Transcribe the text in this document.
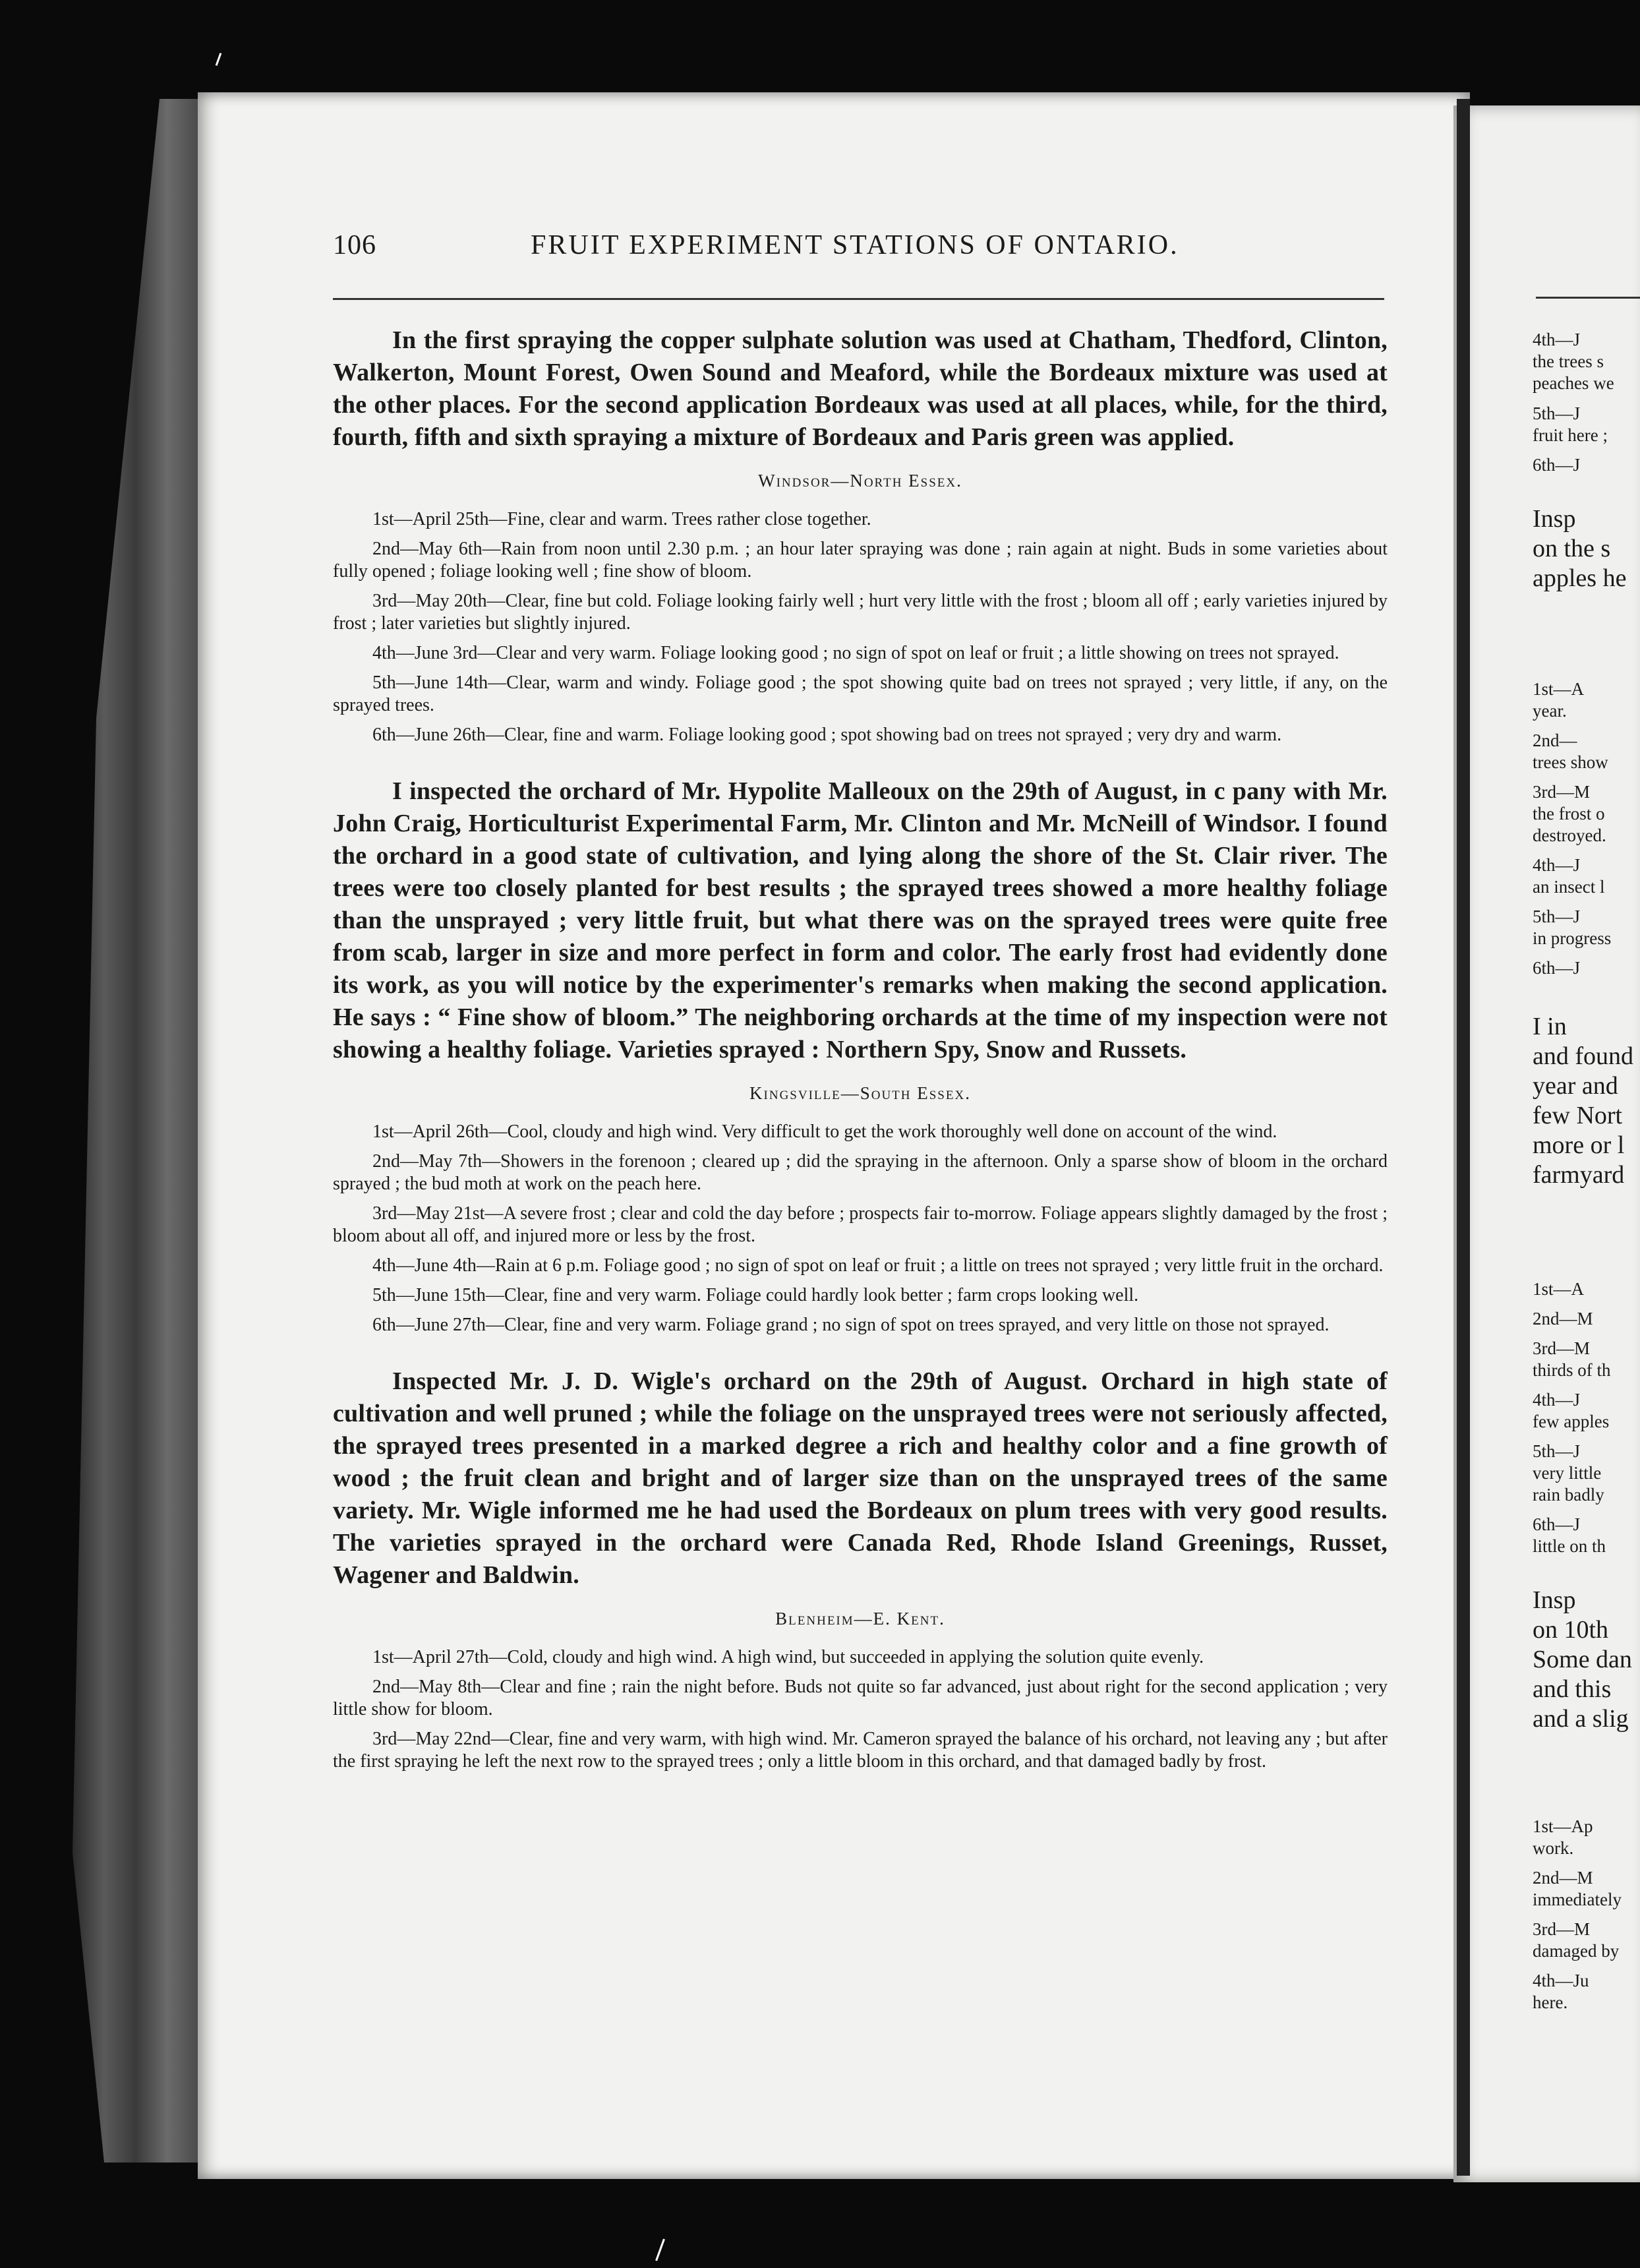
106	FRUIT EXPERIMENT STATIONS OF ONTARIO.

In the first spraying the copper sulphate solution was used at Chatham, Thedford, Clinton, Walkerton, Mount Forest, Owen Sound and Meaford, while the Bordeaux mixture was used at the other places. For the second application Bordeaux was used at all places, while, for the third, fourth, fifth and sixth spraying a mixture of Bordeaux and Paris green was applied.

Windsor—North Essex.

1st—April 25th—Fine, clear and warm. Trees rather close together.

2nd—May 6th—Rain from noon until 2.30 p.m. ; an hour later spraying was done ; rain again at night. Buds in some varieties about fully opened ; foliage looking well ; fine show of bloom.

3rd—May 20th—Clear, fine but cold. Foliage looking fairly well ; hurt very little with the frost ; bloom all off ; early varieties injured by frost ; later varieties but slightly injured.

4th—June 3rd—Clear and very warm. Foliage looking good ; no sign of spot on leaf or fruit ; a little showing on trees not sprayed.

5th—June 14th—Clear, warm and windy. Foliage good ; the spot showing quite bad on trees not sprayed ; very little, if any, on the sprayed trees.

6th—June 26th—Clear, fine and warm. Foliage looking good ; spot showing bad on trees not sprayed ; very dry and warm.

I inspected the orchard of Mr. Hypolite Malleoux on the 29th of August, in c pany with Mr. John Craig, Horticulturist Experimental Farm, Mr. Clinton and Mr. McNeill of Windsor. I found the orchard in a good state of cultivation, and lying along the shore of the St. Clair river. The trees were too closely planted for best results ; the sprayed trees showed a more healthy foliage than the unsprayed ; very little fruit, but what there was on the sprayed trees were quite free from scab, larger in size and more perfect in form and color. The early frost had evidently done its work, as you will notice by the experimenter's remarks when making the second application. He says : “ Fine show of bloom.” The neighboring orchards at the time of my inspection were not showing a healthy foliage. Varieties sprayed : Northern Spy, Snow and Russets.

Kingsville—South Essex.

1st—April 26th—Cool, cloudy and high wind. Very difficult to get the work thoroughly well done on account of the wind.

2nd—May 7th—Showers in the forenoon ; cleared up ; did the spraying in the afternoon. Only a sparse show of bloom in the orchard sprayed ; the bud moth at work on the peach here.

3rd—May 21st—A severe frost ; clear and cold the day before ; prospects fair to-morrow. Foliage appears slightly damaged by the frost ; bloom about all off, and injured more or less by the frost.

4th—June 4th—Rain at 6 p.m. Foliage good ; no sign of spot on leaf or fruit ; a little on trees not sprayed ; very little fruit in the orchard.

5th—June 15th—Clear, fine and very warm. Foliage could hardly look better ; farm crops looking well.

6th—June 27th—Clear, fine and very warm. Foliage grand ; no sign of spot on trees sprayed, and very little on those not sprayed.

Inspected Mr. J. D. Wigle's orchard on the 29th of August. Orchard in high state of cultivation and well pruned ; while the foliage on the unsprayed trees were not seriously affected, the sprayed trees presented in a marked degree a rich and healthy color and a fine growth of wood ; the fruit clean and bright and of larger size than on the unsprayed trees of the same variety. Mr. Wigle informed me he had used the Bordeaux on plum trees with very good results. The varieties sprayed in the orchard were Canada Red, Rhode Island Greenings, Russet, Wagener and Baldwin.

Blenheim—E. Kent.

1st—April 27th—Cold, cloudy and high wind. A high wind, but succeeded in applying the solution quite evenly.

2nd—May 8th—Clear and fine ; rain the night before. Buds not quite so far advanced, just about right for the second application ; very little show for bloom.

3rd—May 22nd—Clear, fine and very warm, with high wind. Mr. Cameron sprayed the balance of his orchard, not leaving any ; but after the first spraying he left the next row to the sprayed trees ; only a little bloom in this orchard, and that damaged badly by frost.

4th—J
the trees s
peaches we
5th—J
fruit here ;
6th—J
Insp
on the s
apples he
1st—A
year.
2nd—
trees show
3rd—M
the frost o
destroyed.
4th—J
an insect l
5th—J
in progress
6th—J
I in
and found
year and
few Nort
more or l
farmyard
1st—A
2nd—M
3rd—M
thirds of th
4th—J
few apples
5th—J
very little
rain badly
6th—J
little on th
Insp
on 10th
Some dan
and this
and a slig
1st—Ap
work.
2nd—M
immediately
3rd—M
damaged by
4th—Ju
here.
